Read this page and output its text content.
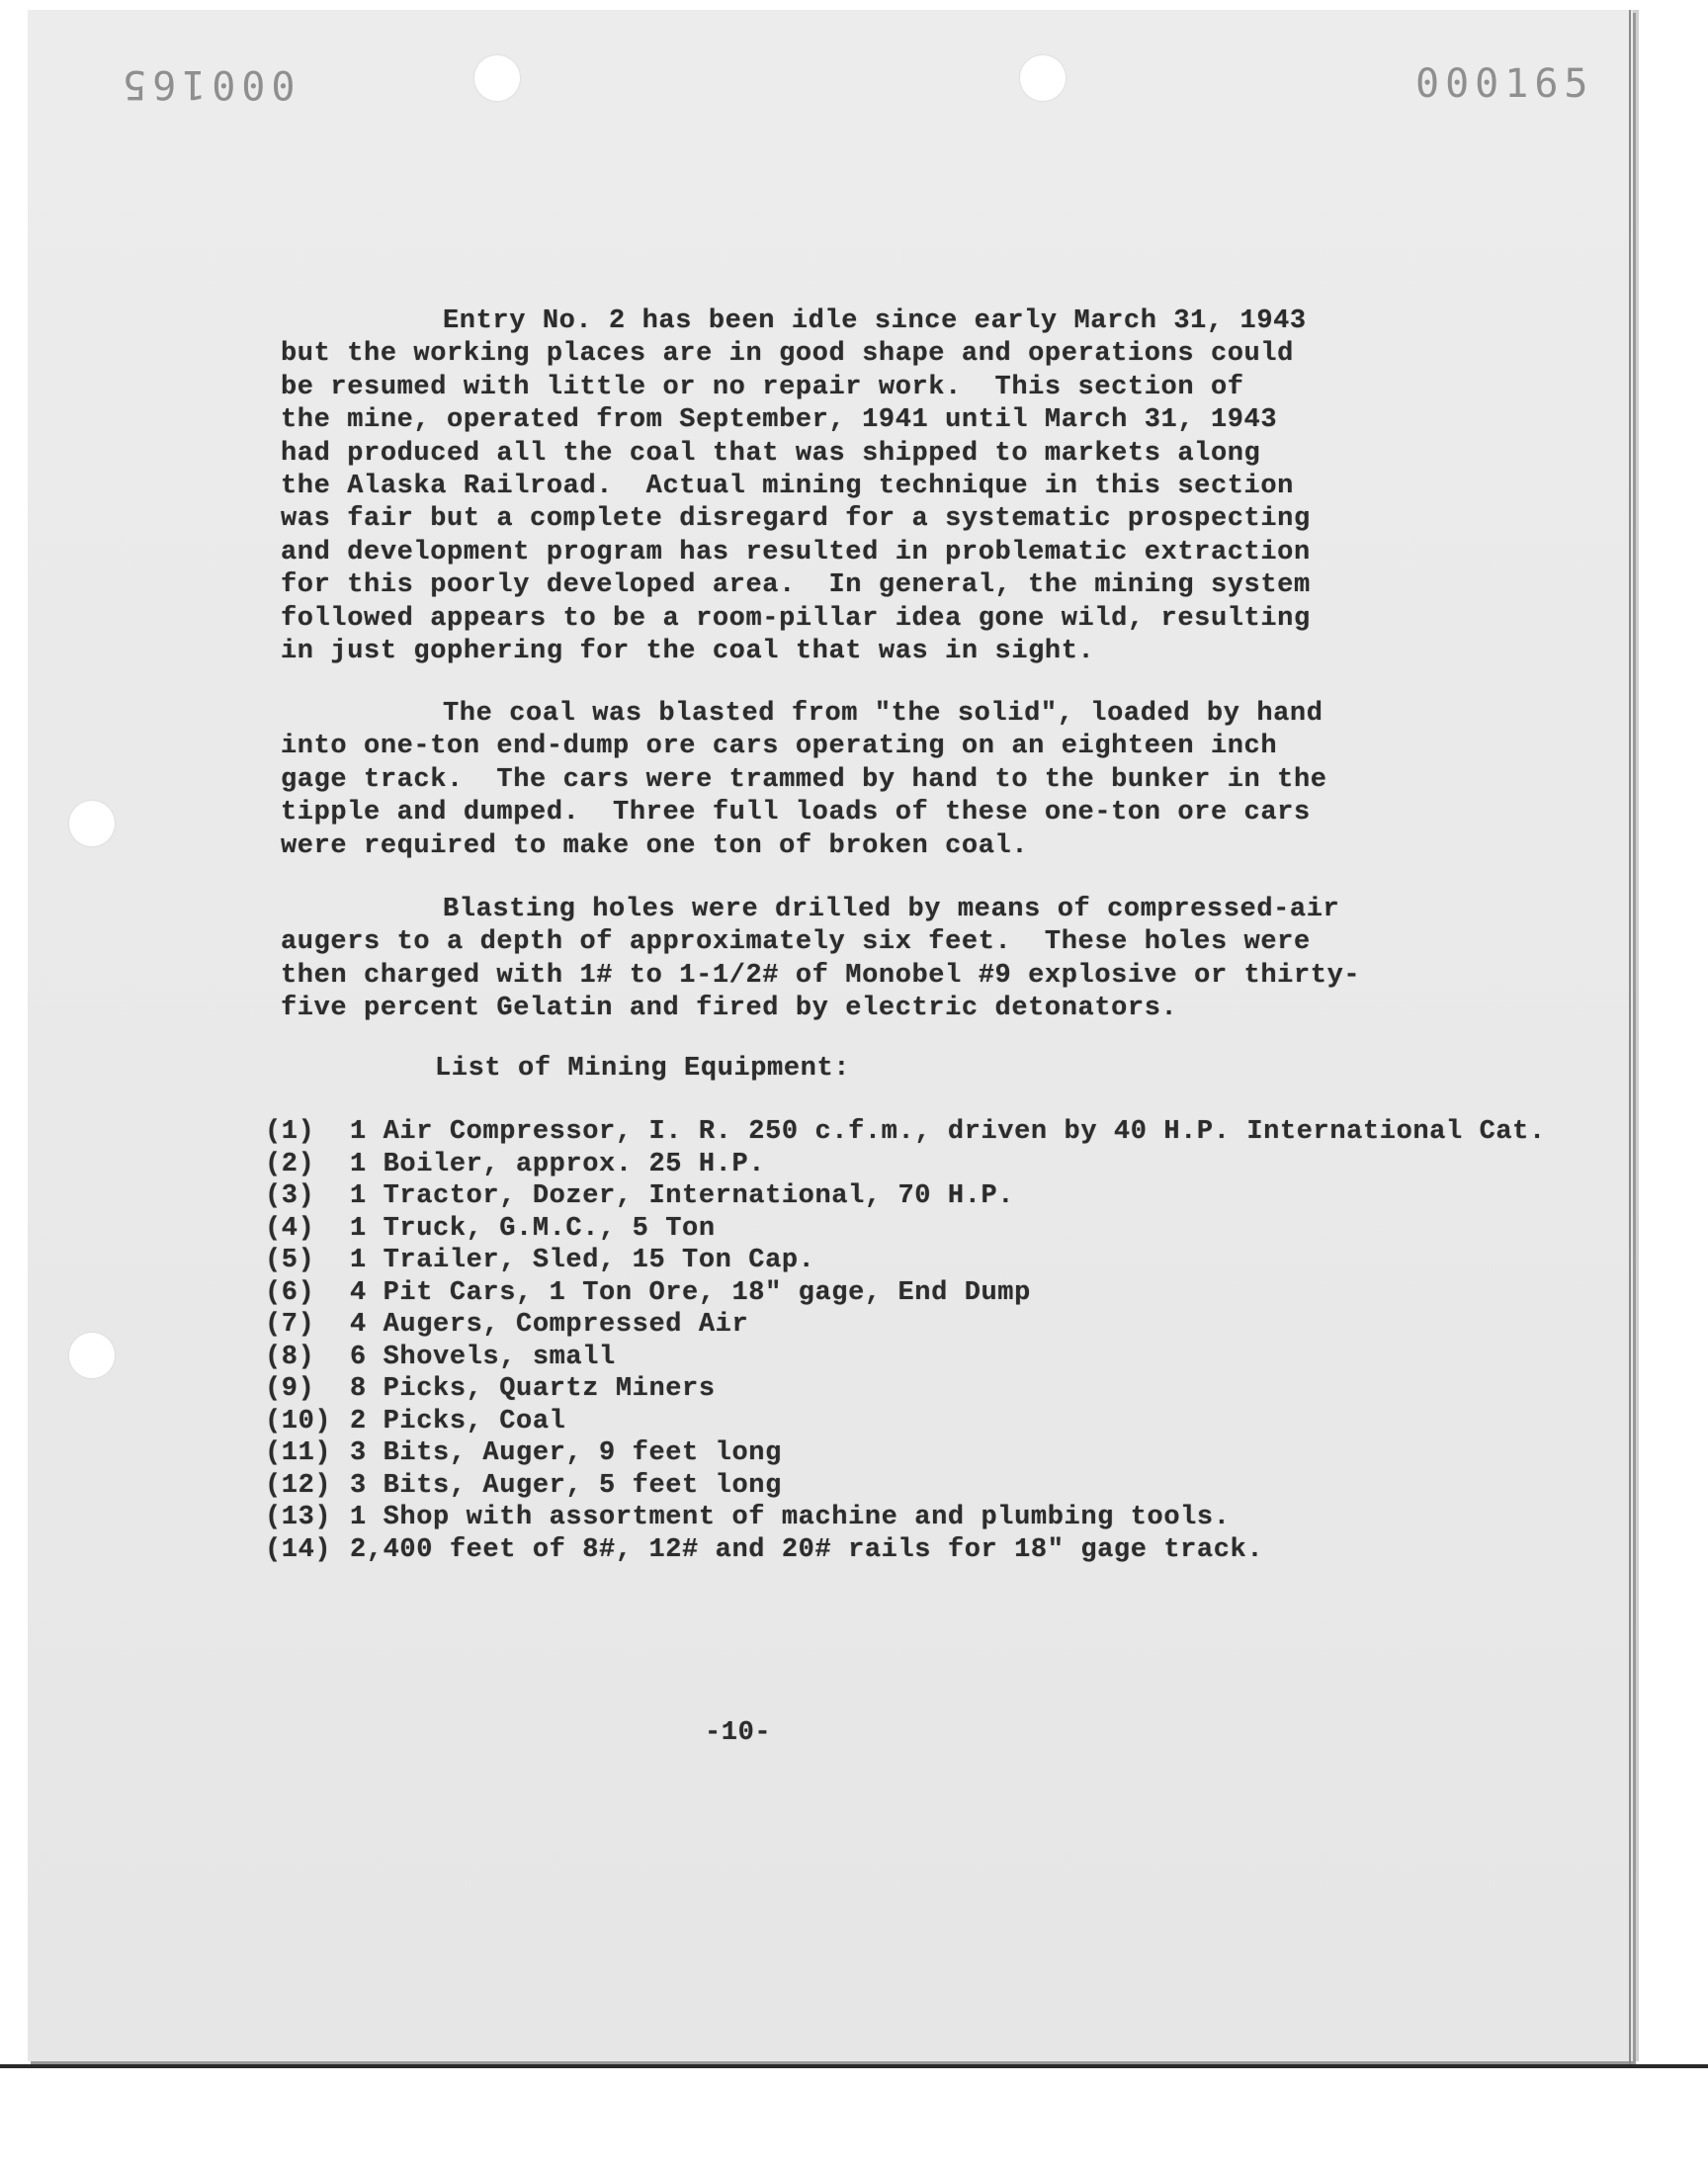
000165	000165
Entry No. 2 has been idle since early March 31, 1943
but the working places are in good shape and operations could
be resumed with little or no repair work.  This section of
the mine, operated from September, 1941 until March 31, 1943
had produced all the coal that was shipped to markets along
the Alaska Railroad.  Actual mining technique in this section
was fair but a complete disregard for a systematic prospecting
and development program has resulted in problematic extraction
for this poorly developed area.  In general, the mining system
followed appears to be a room-pillar idea gone wild, resulting
in just gophering for the coal that was in sight.
The coal was blasted from "the solid", loaded by hand
into one-ton end-dump ore cars operating on an eighteen inch
gage track.  The cars were trammed by hand to the bunker in the
tipple and dumped.  Three full loads of these one-ton ore cars
were required to make one ton of broken coal.
Blasting holes were drilled by means of compressed-air
augers to a depth of approximately six feet.  These holes were
then charged with 1# to 1-1/2# of Monobel #9 explosive or thirty-
five percent Gelatin and fired by electric detonators.
List of Mining Equipment:
(1)	1 Air Compressor, I. R. 250 c.f.m., driven by 40 H.P. International Cat.
(2)	1 Boiler, approx. 25 H.P.
(3)	1 Tractor, Dozer, International, 70 H.P.
(4)	1 Truck, G.M.C., 5 Ton
(5)	1 Trailer, Sled, 15 Ton Cap.
(6)	4 Pit Cars, 1 Ton Ore, 18" gage, End Dump
(7)	4 Augers, Compressed Air
(8)	6 Shovels, small
(9)	8 Picks, Quartz Miners
(10) 2 Picks, Coal
(11) 3 Bits, Auger, 9 feet long
(12) 3 Bits, Auger, 5 feet long
(13) 1 Shop with assortment of machine and plumbing tools.
(14) 2,400 feet of 8#, 12# and 20# rails for 18" gage track.
-10-
